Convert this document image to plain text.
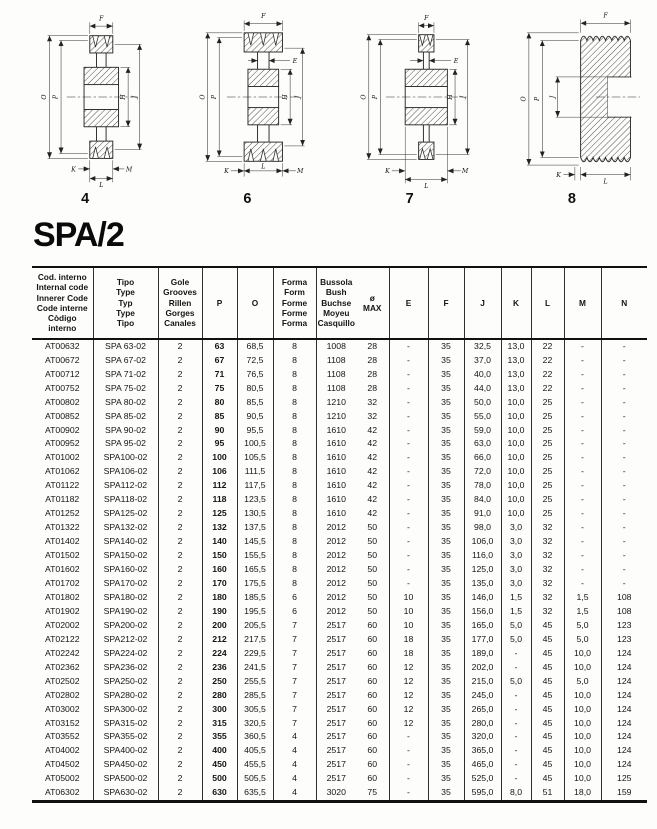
F
O P	H J
K	M
L
4
F
E
O P	H J
K
L
M
6
F
E
O P	H J
K	M
L
7
F
O P J
K
L
8
SPA/2
Cod. interno
Internal code
Innerer Code
Code interne
Còdigo interno

Tipo
Type
Typ
Type
Tipo

Gole
Grooves
Rillen
Gorges
Canales

P	O

Forma
Form
Forme
Forme
Forma

Bussola
Bush
Buchse
Moyeu
Casquillo

ø
MAX

E	F	J	K	L	M	N

AT00632	SPA 63-02	2	63	68,5	8	1008	28	-	35	32,5	13,0	22	-	-
AT00672	SPA 67-02	2	67	72,5	8	1108	28	-	35	37,0	13,0	22	-	-
AT00712	SPA 71-02	2	71	76,5	8	1108	28	-	35	40,0	13,0	22	-	-
AT00752	SPA 75-02	2	75	80,5	8	1108	28	-	35	44,0	13,0	22	-	-
AT00802	SPA 80-02	2	80	85,5	8	1210	32	-	35	50,0	10,0	25	-	-
AT00852	SPA 85-02	2	85	90,5	8	1210	32	-	35	55,0	10,0	25	-	-
AT00902	SPA 90-02	2	90	95,5	8	1610	42	-	35	59,0	10,0	25	-	-
AT00952	SPA 95-02	2	95	100,5	8	1610	42	-	35	63,0	10,0	25	-	-
AT01002	SPA100-02	2	100	105,5	8	1610	42	-	35	66,0	10,0	25	-	-
AT01062	SPA106-02	2	106	111,5	8	1610	42	-	35	72,0	10,0	25	-	-
AT01122	SPA112-02	2	112	117,5	8	1610	42	-	35	78,0	10,0	25	-	-
AT01182	SPA118-02	2	118	123,5	8	1610	42	-	35	84,0	10,0	25	-	-
AT01252	SPA125-02	2	125	130,5	8	1610	42	-	35	91,0	10,0	25	-	-
AT01322	SPA132-02	2	132	137,5	8	2012	50	-	35	98,0	3,0	32	-	-
AT01402	SPA140-02	2	140	145,5	8	2012	50	-	35	106,0	3,0	32	-	-
AT01502	SPA150-02	2	150	155,5	8	2012	50	-	35	116,0	3,0	32	-	-
AT01602	SPA160-02	2	160	165,5	8	2012	50	-	35	125,0	3,0	32	-	-
AT01702	SPA170-02	2	170	175,5	8	2012	50	-	35	135,0	3,0	32	-	-
AT01802	SPA180-02	2	180	185,5	6	2012	50	10	35	146,0	1,5	32	1,5	108
AT01902	SPA190-02	2	190	195,5	6	2012	50	10	35	156,0	1,5	32	1,5	108
AT02002	SPA200-02	2	200	205,5	7	2517	60	10	35	165,0	5,0	45	5,0	123
AT02122	SPA212-02	2	212	217,5	7	2517	60	18	35	177,0	5,0	45	5,0	123
AT02242	SPA224-02	2	224	229,5	7	2517	60	18	35	189,0	-	45	10,0	124
AT02362	SPA236-02	2	236	241,5	7	2517	60	12	35	202,0	-	45	10,0	124
AT02502	SPA250-02	2	250	255,5	7	2517	60	12	35	215,0	5,0	45	5,0	124
AT02802	SPA280-02	2	280	285,5	7	2517	60	12	35	245,0	-	45	10,0	124
AT03002	SPA300-02	2	300	305,5	7	2517	60	12	35	265,0	-	45	10,0	124
AT03152	SPA315-02	2	315	320,5	7	2517	60	12	35	280,0	-	45	10,0	124
AT03552	SPA355-02	2	355	360,5	4	2517	60	-	35	320,0	-	45	10,0	124
AT04002	SPA400-02	2	400	405,5	4	2517	60	-	35	365,0	-	45	10,0	124
AT04502	SPA450-02	2	450	455,5	4	2517	60	-	35	465,0	-	45	10,0	124
AT05002	SPA500-02	2	500	505,5	4	2517	60	-	35	525,0	-	45	10,0	125
AT06302	SPA630-02	2	630	635,5	4	3020	75	-	35	595,0	8,0	51	18,0	159
